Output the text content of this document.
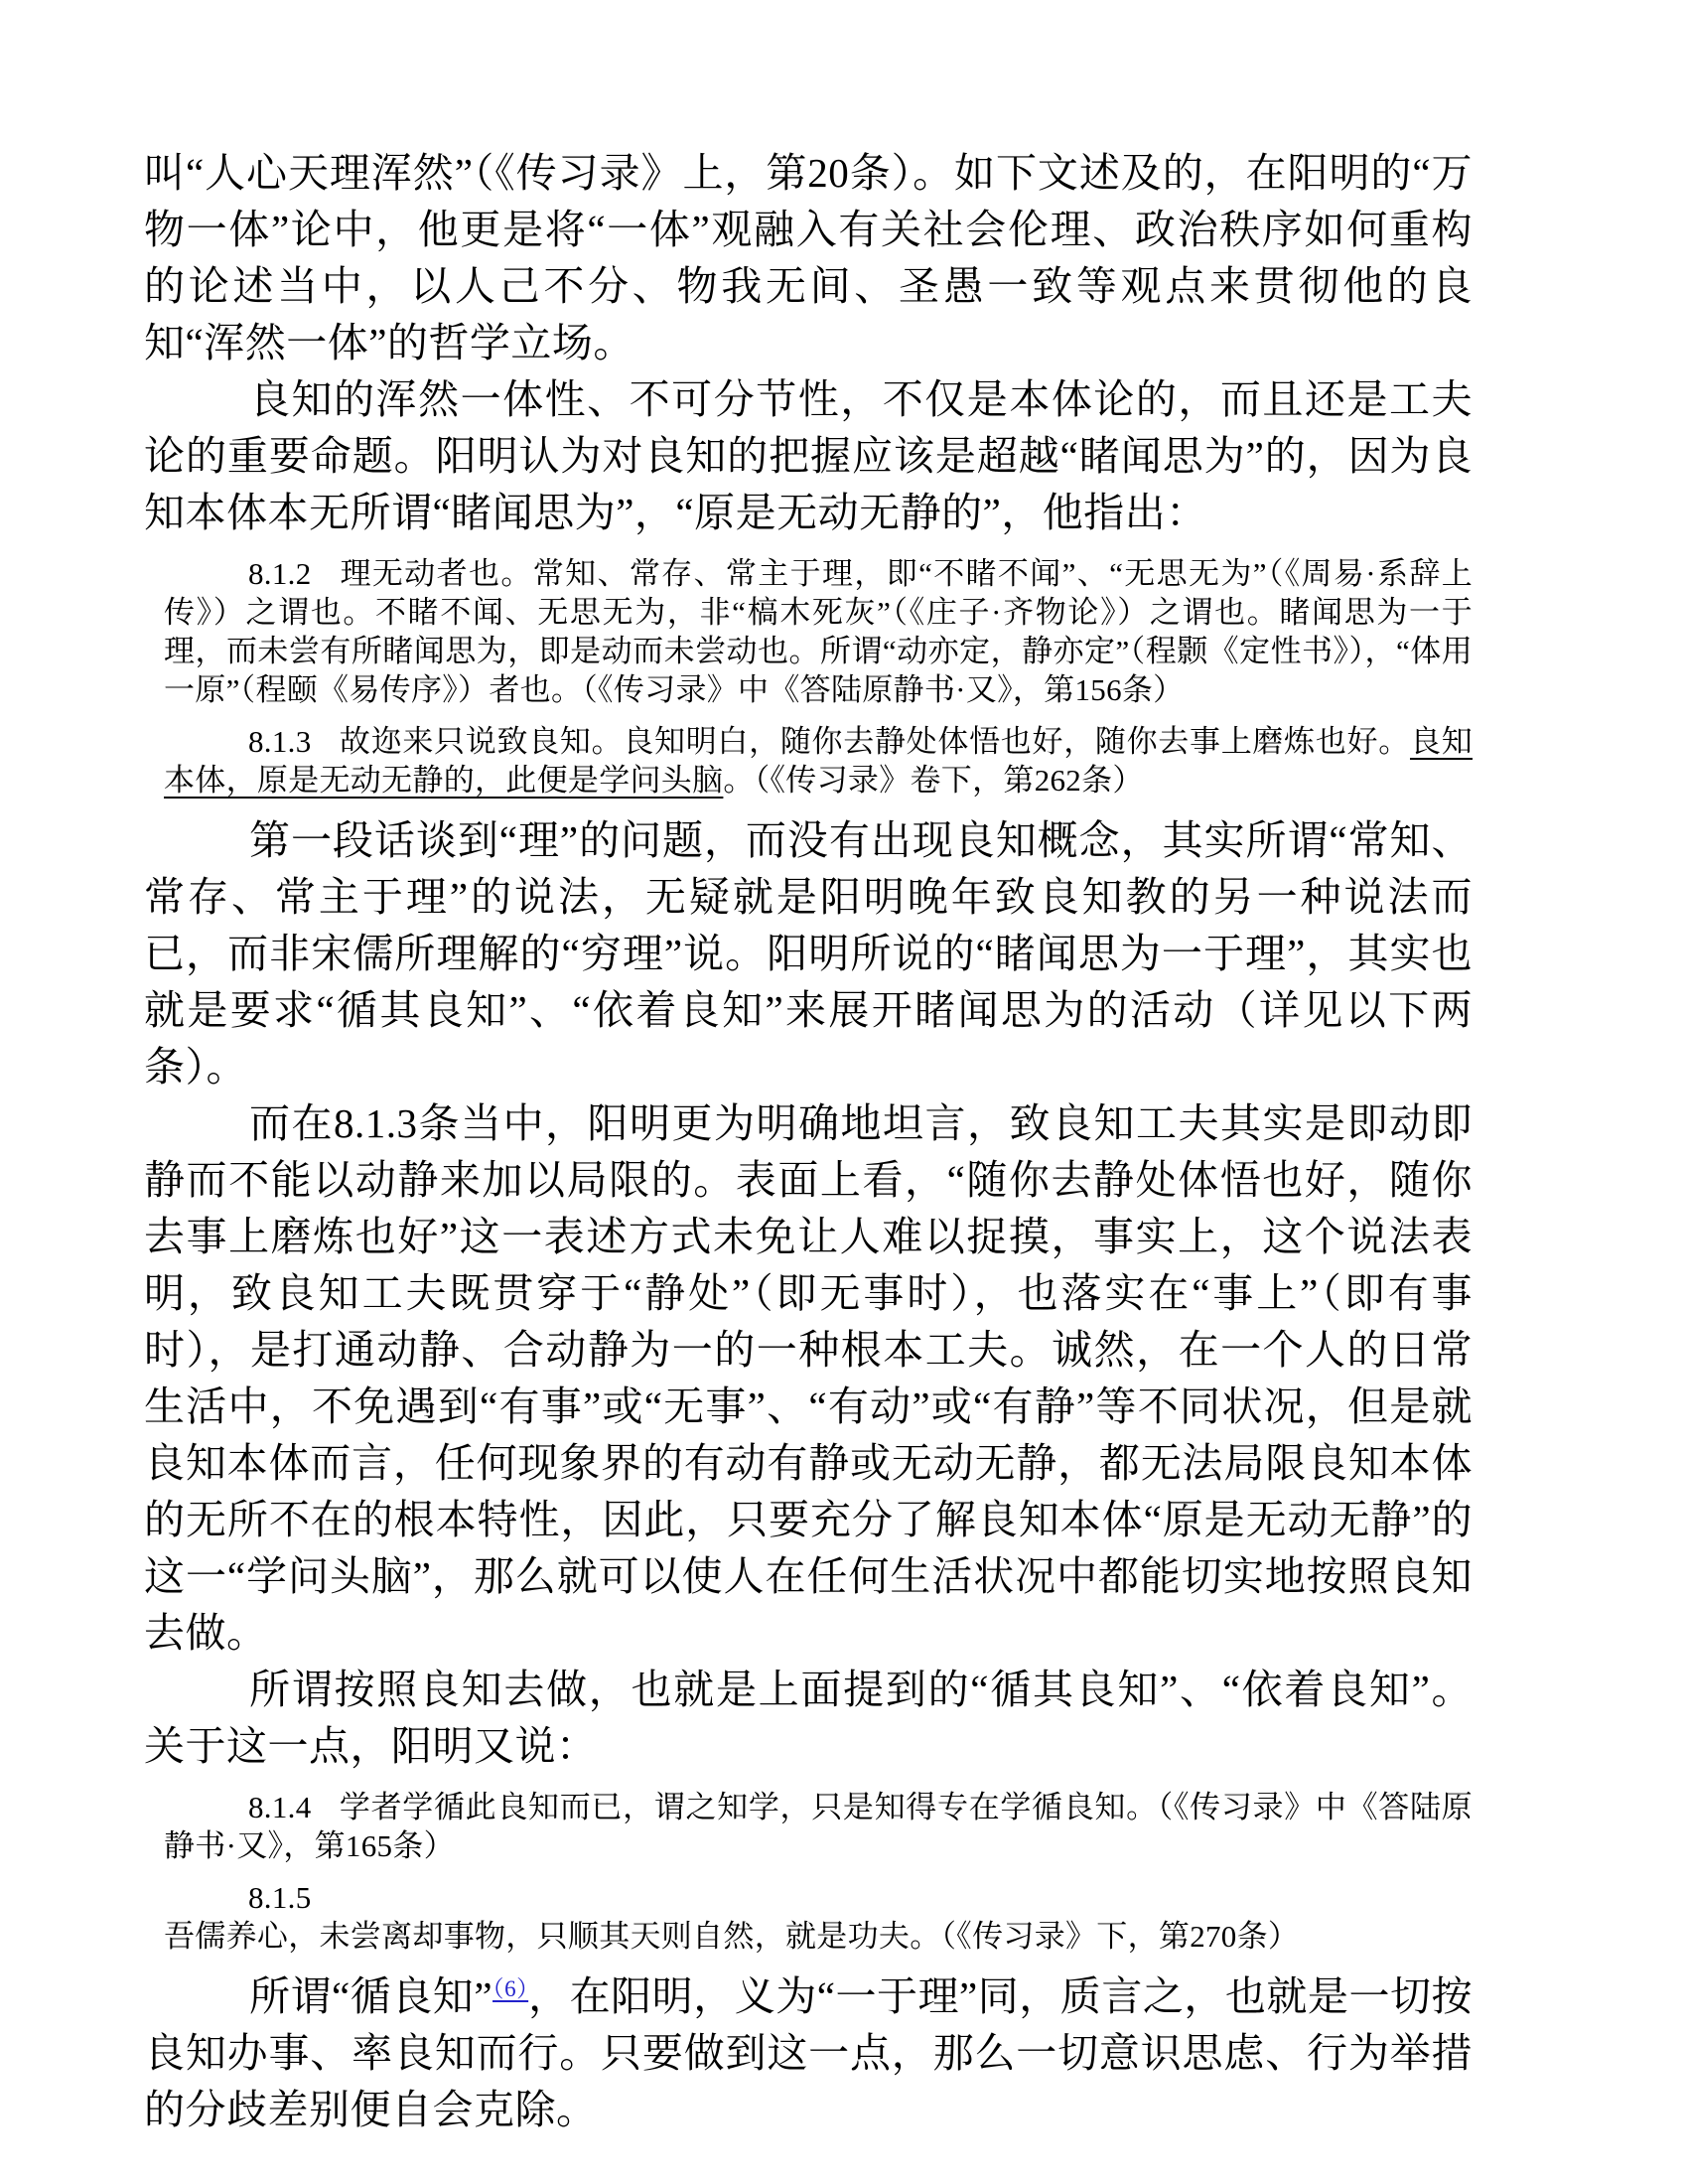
叫“人心天理浑然”（《传习录》上，第20条）。如下文述及的，在阳明的“万物一体”论中，他更是将“一体”观融入有关社会伦理、政治秩序如何重构的论述当中，以人己不分、物我无间、圣愚一致等观点来贯彻他的良知“浑然一体”的哲学立场。

良知的浑然一体性、不可分节性，不仅是本体论的，而且还是工夫论的重要命题。阳明认为对良知的把握应该是超越“睹闻思为”的，因为良知本体本无所谓“睹闻思为”，“原是无动无静的”，他指出：

8.1.2 理无动者也。常知、常存、常主于理，即“不睹不闻”、“无思无为”（《周易·系辞上传》）之谓也。不睹不闻、无思无为，非“槁木死灰”（《庄子·齐物论》）之谓也。睹闻思为一于理，而未尝有所睹闻思为，即是动而未尝动也。所谓“动亦定，静亦定”（程颢《定性书》），“体用一原”（程颐《易传序》）者也。（《传习录》中《答陆原静书·又》，第156条）
8.1.3 故迩来只说致良知。良知明白，随你去静处体悟也好，随你去事上磨炼也好。良知本体，原是无动无静的，此便是学问头脑。（《传习录》卷下，第262条）

第一段话谈到“理”的问题，而没有出现良知概念，其实所谓“常知、常存、常主于理”的说法，无疑就是阳明晚年致良知教的另一种说法而已，而非宋儒所理解的“穷理”说。阳明所说的“睹闻思为一于理”，其实也就是要求“循其良知”、“依着良知”来展开睹闻思为的活动（详见以下两条）。

而在8.1.3条当中，阳明更为明确地坦言，致良知工夫其实是即动即静而不能以动静来加以局限的。表面上看，“随你去静处体悟也好，随你去事上磨炼也好”这一表述方式未免让人难以捉摸，事实上，这个说法表明，致良知工夫既贯穿于“静处”（即无事时），也落实在“事上”（即有事时），是打通动静、合动静为一的一种根本工夫。诚然，在一个人的日常生活中，不免遇到“有事”或“无事”、“有动”或“有静”等不同状况，但是就良知本体而言，任何现象界的有动有静或无动无静，都无法局限良知本体的无所不在的根本特性，因此，只要充分了解良知本体“原是无动无静”的这一“学问头脑”，那么就可以使人在任何生活状况中都能切实地按照良知去做。

所谓按照良知去做，也就是上面提到的“循其良知”、“依着良知”。关于这一点，阳明又说：

8.1.4 学者学循此良知而已，谓之知学，只是知得专在学循良知。（《传习录》中《答陆原静书·又》，第165条）
8.1.5吾儒养心，未尝离却事物，只顺其天则自然，就是功夫。（《传习录》下，第270条）

所谓“循良知”$^{(6)}$，在阳明，义为“一于理”同，质言之，也就是一切按良知办事、率良知而行。只要做到这一点，那么一切意识思虑、行为举措的分歧差别便自会克除。
